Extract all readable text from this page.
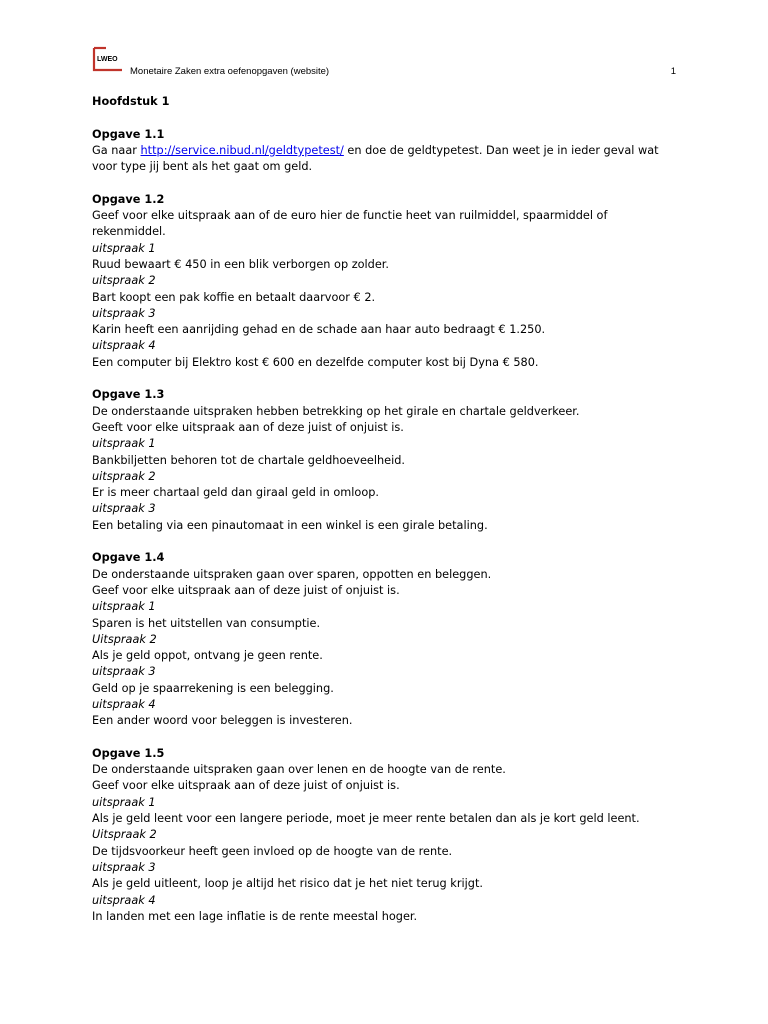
LWEO
Monetaire Zaken extra oefenopgaven (website)	1
Hoofdstuk 1
Opgave 1.1
Ga naar http://service.nibud.nl/geldtypetest/ en doe de geldtypetest. Dan weet je in ieder geval wat
voor type jij bent als het gaat om geld.
Opgave 1.2
Geef voor elke uitspraak aan of de euro hier de functie heet van ruilmiddel, spaarmiddel of
rekenmiddel.
uitspraak 1
Ruud bewaart € 450 in een blik verborgen op zolder.
uitspraak 2
Bart koopt een pak koffie en betaalt daarvoor € 2.
uitspraak 3
Karin heeft een aanrijding gehad en de schade aan haar auto bedraagt € 1.250.
uitspraak 4
Een computer bij Elektro kost € 600 en dezelfde computer kost bij Dyna € 580.
Opgave 1.3
De onderstaande uitspraken hebben betrekking op het girale en chartale geldverkeer.
Geeft voor elke uitspraak aan of deze juist of onjuist is.
uitspraak 1
Bankbiljetten behoren tot de chartale geldhoeveelheid.
uitspraak 2
Er is meer chartaal geld dan giraal geld in omloop.
uitspraak 3
Een betaling via een pinautomaat in een winkel is een girale betaling.
Opgave 1.4
De onderstaande uitspraken gaan over sparen, oppotten en beleggen.
Geef voor elke uitspraak aan of deze juist of onjuist is.
uitspraak 1
Sparen is het uitstellen van consumptie.
Uitspraak 2
Als je geld oppot, ontvang je geen rente.
uitspraak 3
Geld op je spaarrekening is een belegging.
uitspraak 4
Een ander woord voor beleggen is investeren.
Opgave 1.5
De onderstaande uitspraken gaan over lenen en de hoogte van de rente.
Geef voor elke uitspraak aan of deze juist of onjuist is.
uitspraak 1
Als je geld leent voor een langere periode, moet je meer rente betalen dan als je kort geld leent.
Uitspraak 2
De tijdsvoorkeur heeft geen invloed op de hoogte van de rente.
uitspraak 3
Als je geld uitleent, loop je altijd het risico dat je het niet terug krijgt.
uitspraak 4
In landen met een lage inflatie is de rente meestal hoger.
